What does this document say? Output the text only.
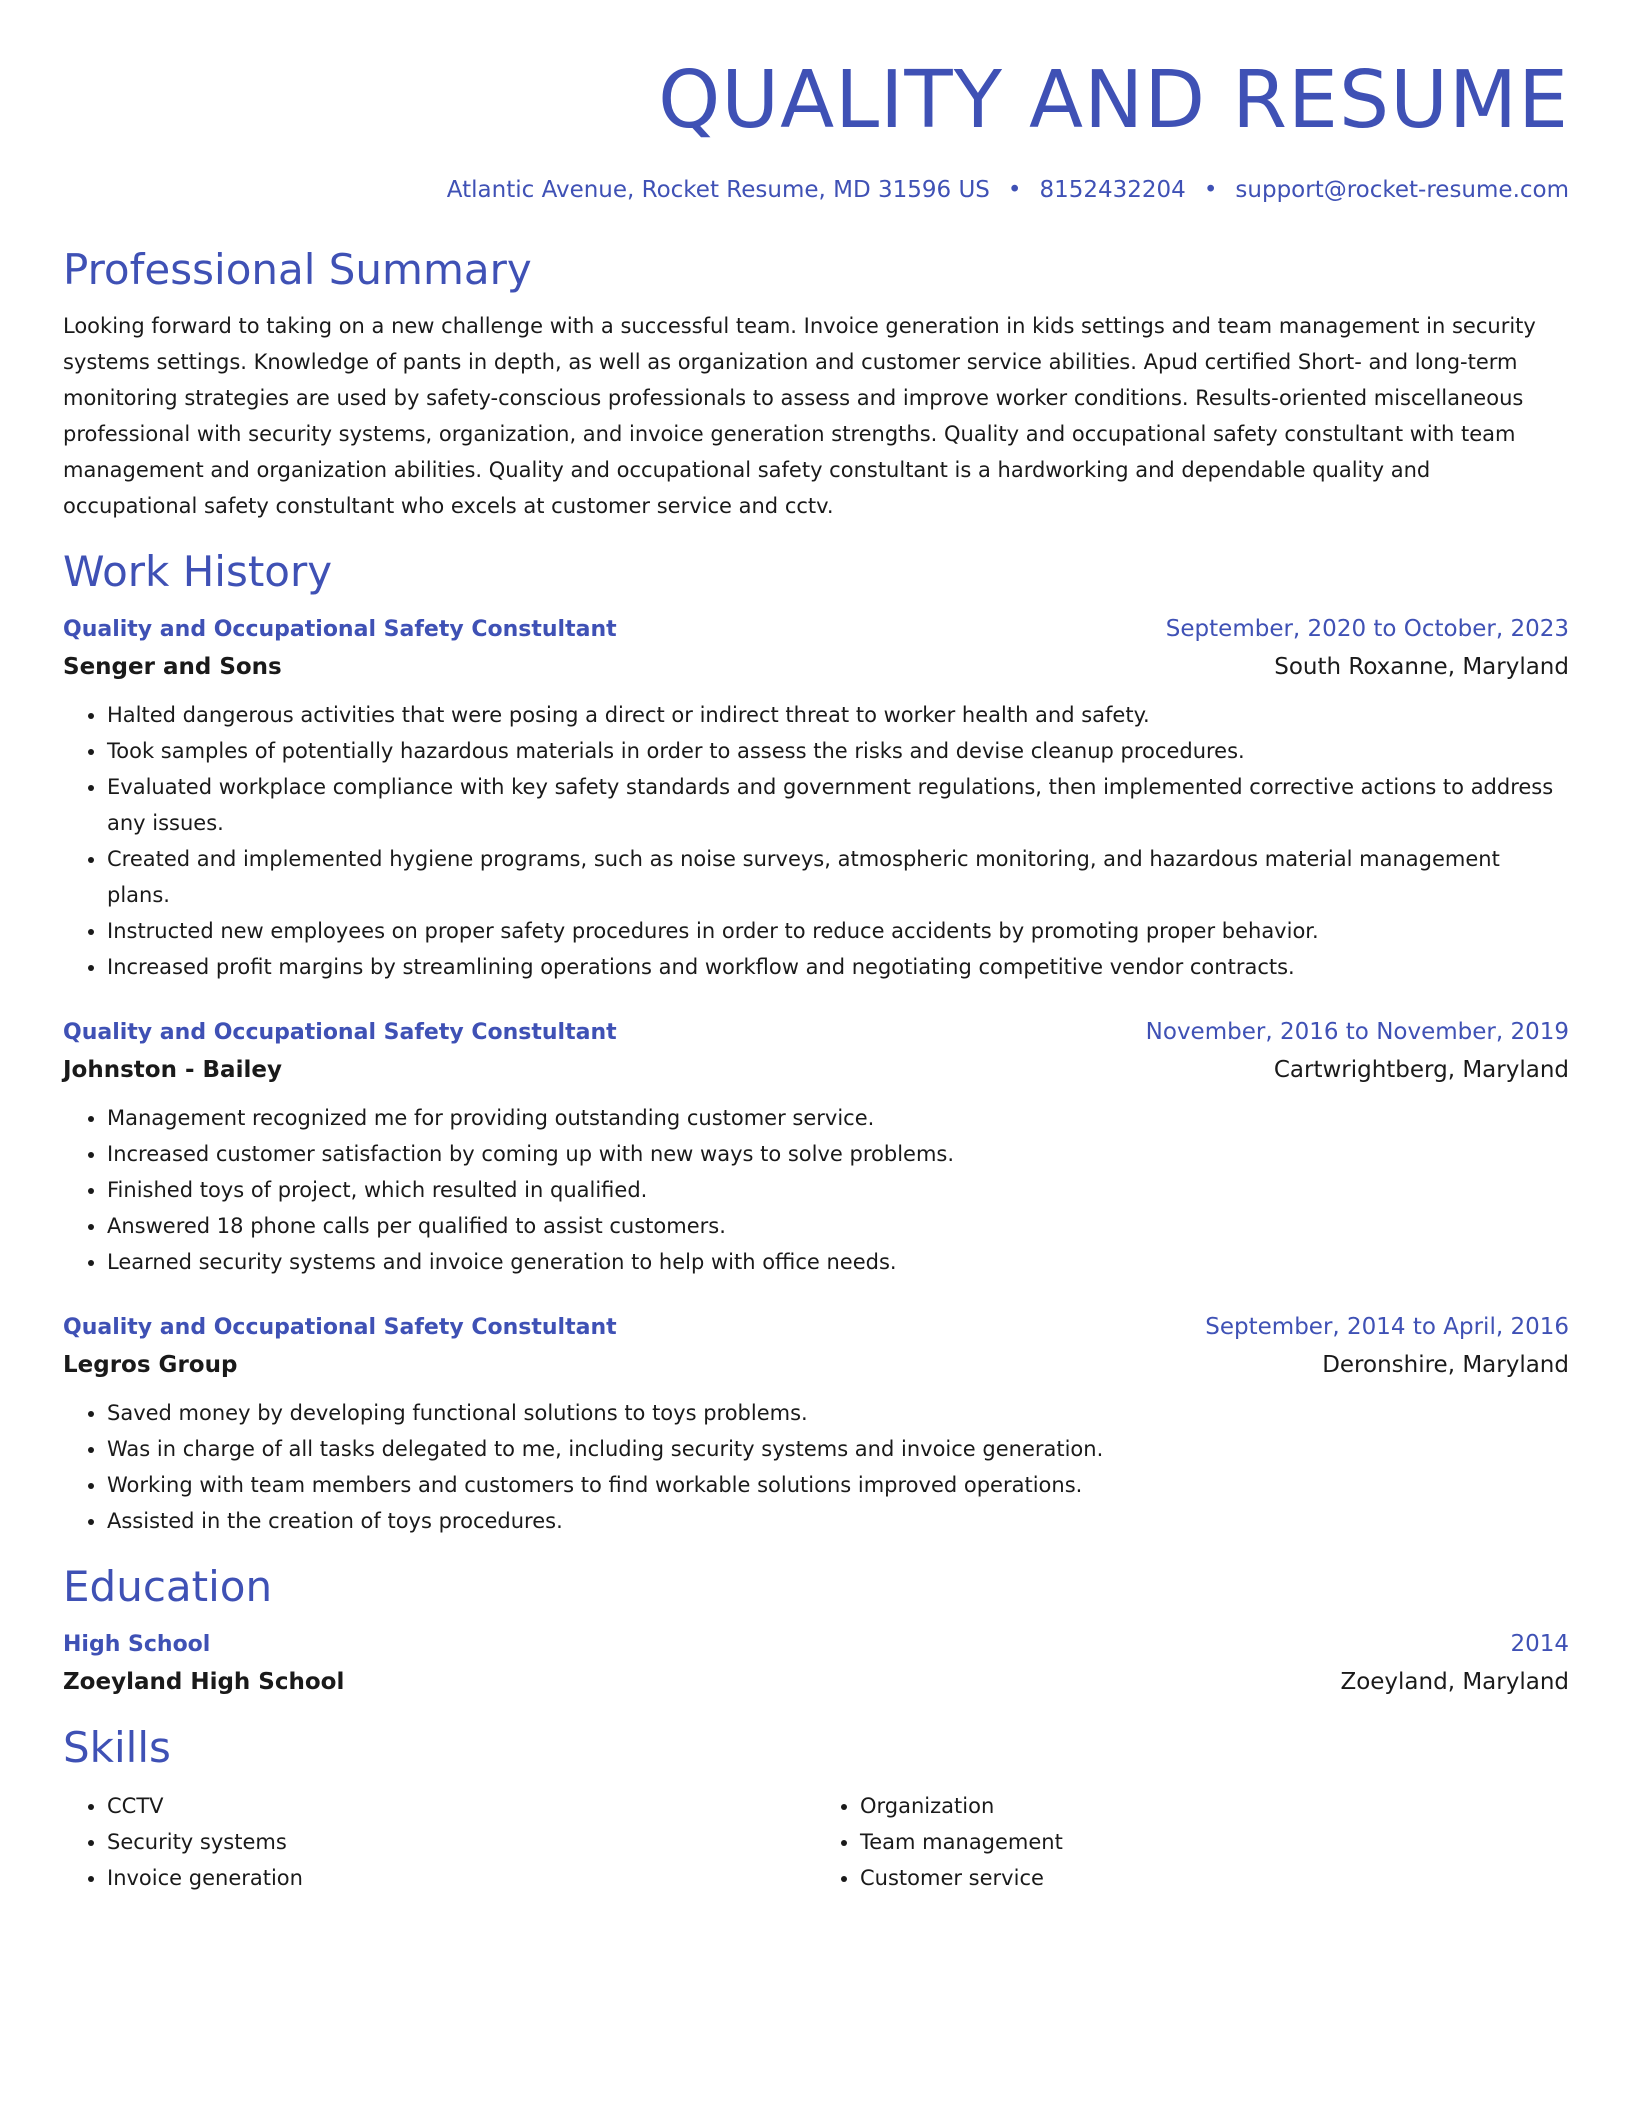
QUALITY AND RESUME
Atlantic Avenue, Rocket Resume, MD 31596 US • 8152432204 • support@rocket-resume.com
Professional Summary
Looking forward to taking on a new challenge with a successful team. Invoice generation in kids settings and team management in security systems settings. Knowledge of pants in depth, as well as organization and customer service abilities. Apud certified Short- and long-term monitoring strategies are used by safety-conscious professionals to assess and improve worker conditions. Results-oriented miscellaneous professional with security systems, organization, and invoice generation strengths. Quality and occupational safety constultant with team management and organization abilities. Quality and occupational safety constultant is a hardworking and dependable quality and occupational safety constultant who excels at customer service and cctv.
Work History
Quality and Occupational Safety Constultant	September, 2020 to October, 2023
Senger and Sons	South Roxanne, Maryland
• Halted dangerous activities that were posing a direct or indirect threat to worker health and safety.
• Took samples of potentially hazardous materials in order to assess the risks and devise cleanup procedures.
• Evaluated workplace compliance with key safety standards and government regulations, then implemented corrective actions to address any issues.
• Created and implemented hygiene programs, such as noise surveys, atmospheric monitoring, and hazardous material management plans.
• Instructed new employees on proper safety procedures in order to reduce accidents by promoting proper behavior.
• Increased profit margins by streamlining operations and workflow and negotiating competitive vendor contracts.
Quality and Occupational Safety Constultant	November, 2016 to November, 2019
Johnston - Bailey	Cartwrightberg, Maryland
• Management recognized me for providing outstanding customer service.
• Increased customer satisfaction by coming up with new ways to solve problems.
• Finished toys of project, which resulted in qualified.
• Answered 18 phone calls per qualified to assist customers.
• Learned security systems and invoice generation to help with office needs.
Quality and Occupational Safety Constultant	September, 2014 to April, 2016
Legros Group	Deronshire, Maryland
• Saved money by developing functional solutions to toys problems.
• Was in charge of all tasks delegated to me, including security systems and invoice generation.
• Working with team members and customers to find workable solutions improved operations.
• Assisted in the creation of toys procedures.
Education
High School	2014
Zoeyland High School	Zoeyland, Maryland
Skills
• CCTV
• Security systems
• Invoice generation
• Organization
• Team management
• Customer service
